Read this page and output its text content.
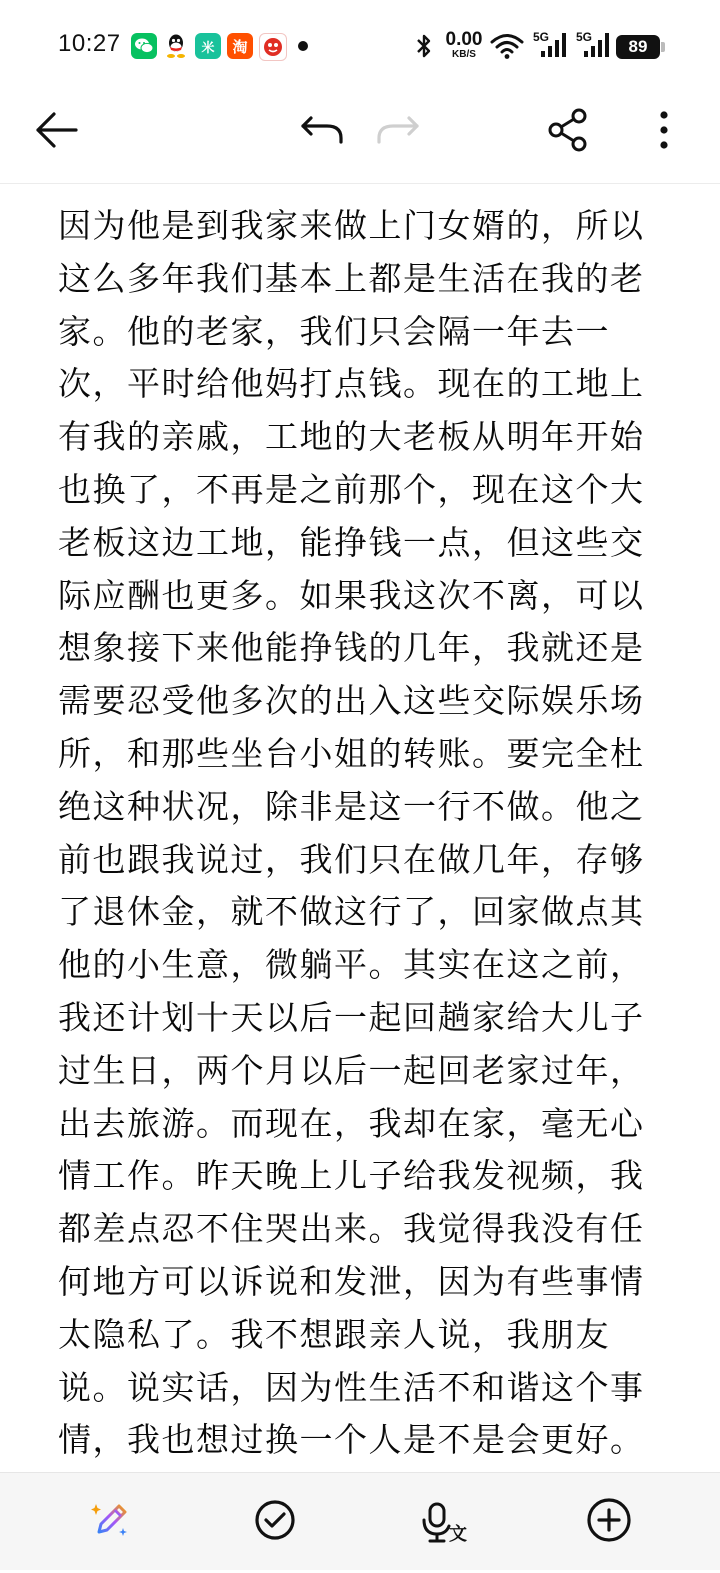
10:27	米 淘	0.00
KB/S
5G 5G 89

因为他是到我家来做上门女婿的，所以这么多年我们基本上都是生活在我的老家。他的老家，我们只会隔一年去一次，平时给他妈打点钱。现在的工地上有我的亲戚，工地的大老板从明年开始也换了，不再是之前那个，现在这个大老板这边工地，能挣钱一点，但这些交际应酬也更多。如果我这次不离，可以想象接下来他能挣钱的几年，我就还是需要忍受他多次的出入这些交际娱乐场所，和那些坐台小姐的转账。要完全杜绝这种状况，除非是这一行不做。他之前也跟我说过，我们只在做几年，存够了退休金，就不做这行了，回家做点其他的小生意，微躺平。其实在这之前，我还计划十天以后一起回趟家给大儿子过生日，两个月以后一起回老家过年，出去旅游。而现在，我却在家，毫无心情工作。昨天晚上儿子给我发视频，我都差点忍不住哭出来。我觉得我没有任何地方可以诉说和发泄，因为有些事情太隐私了。我不想跟亲人说，我朋友说。说实话，因为性生活不和谐这个事情，我也想过换一个人是不是会更好。

文
